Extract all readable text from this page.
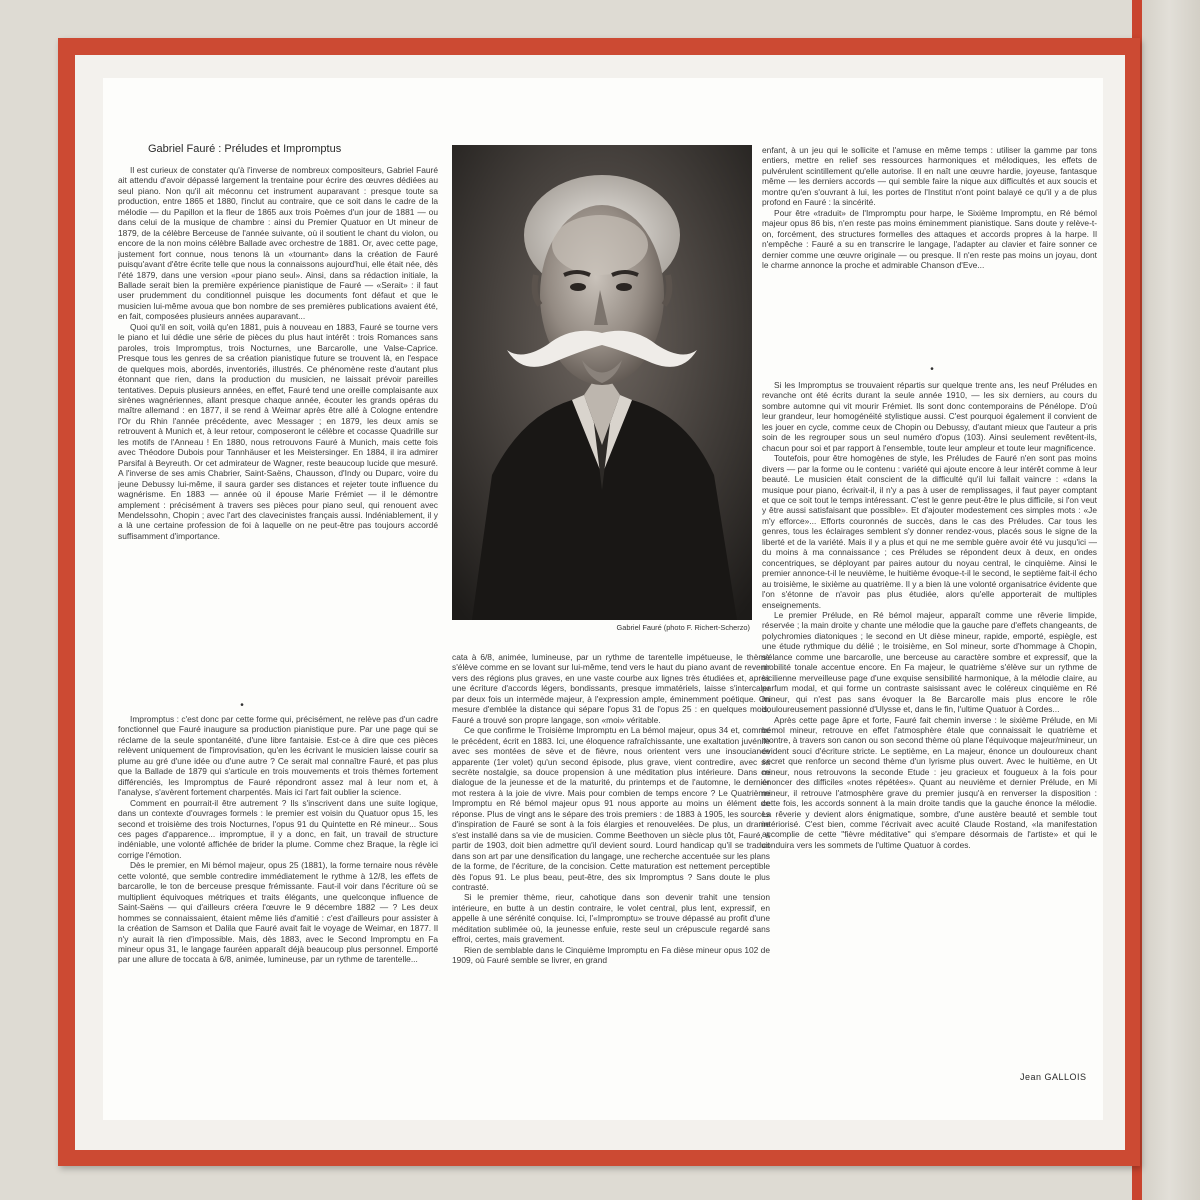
Gabriel Fauré : Préludes et Impromptus

Il est curieux de constater qu'à l'inverse de nombreux compositeurs, Gabriel Fauré ait attendu d'avoir dépassé largement la trentaine pour écrire des œuvres dédiées au seul piano. Non qu'il ait méconnu cet instrument auparavant : presque toute sa production, entre 1865 et 1880, l'inclut au contraire, que ce soit dans le cadre de la mélodie — du Papillon et la fleur de 1865 aux trois Poèmes d'un jour de 1881 — ou dans celui de la musique de chambre : ainsi du Premier Quatuor en Ut mineur de 1879, de la célèbre Berceuse de l'année suivante, où il soutient le chant du violon, ou encore de la non moins célèbre Ballade avec orchestre de 1881. Or, avec cette page, justement fort connue, nous tenons là un «tournant» dans la création de Fauré puisqu'avant d'être écrite telle que nous la connaissons aujourd'hui, elle était née, dès l'été 1879, dans une version «pour piano seul». Ainsi, dans sa rédaction initiale, la Ballade serait bien la première expérience pianistique de Fauré — «Serait» : il faut user prudemment du conditionnel puisque les documents font défaut et que le musicien lui-même avoua que bon nombre de ses premières publications avaient été, en fait, composées plusieurs années auparavant...

Quoi qu'il en soit, voilà qu'en 1881, puis à nouveau en 1883, Fauré se tourne vers le piano et lui dédie une série de pièces du plus haut intérêt : trois Romances sans paroles, trois Impromptus, trois Nocturnes, une Barcarolle, une Valse-Caprice. Presque tous les genres de sa création pianistique future se trouvent là, en l'espace de quelques mois, abordés, inventoriés, illustrés. Ce phénomène reste d'autant plus étonnant que rien, dans la production du musicien, ne laissait prévoir pareilles tentatives. Depuis plusieurs années, en effet, Fauré tend une oreille complaisante aux sirènes wagnériennes, allant presque chaque année, écouter les grands opéras du maître allemand : en 1877, il se rend à Weimar après être allé à Cologne entendre l'Or du Rhin l'année précédente, avec Messager ; en 1879, les deux amis se retrouvent à Munich et, à leur retour, composeront le célèbre et cocasse Quadrille sur les motifs de l'Anneau ! En 1880, nous retrouvons Fauré à Munich, mais cette fois avec Théodore Dubois pour Tannhäuser et les Meistersinger. En 1884, il ira admirer Parsifal à Beyreuth. Or cet admirateur de Wagner, reste beaucoup lucide que mesuré. A l'inverse de ses amis Chabrier, Saint-Saëns, Chausson, d'Indy ou Duparc, voire du jeune Debussy lui-même, il saura garder ses distances et rejeter toute influence du wagnérisme. En 1883 — année où il épouse Marie Frémiet — il le démontre amplement : précisément à travers ses pièces pour piano seul, qui renouent avec Mendelssohn, Chopin ; avec l'art des clavecinistes français aussi. Indéniablement, il y a là une certaine profession de foi à laquelle on ne peut-être pas toujours accordé suffisamment d'importance.

•

Impromptus : c'est donc par cette forme qui, précisément, ne relève pas d'un cadre fonctionnel que Fauré inaugure sa production pianistique pure. Par une page qui se réclame de la seule spontanéité, d'une libre fantaisie. Est-ce à dire que ces pièces relèvent uniquement de l'improvisation, qu'en les écrivant le musicien laisse courir sa plume au gré d'une idée ou d'une autre ? Ce serait mal connaître Fauré, et pas plus que la Ballade de 1879 qui s'articule en trois mouvements et trois thèmes fortement différenciés, les Impromptus de Fauré répondront assez mal à leur nom et, à l'analyse, s'avèrent fortement charpentés. Mais ici l'art fait oublier la science.

Comment en pourrait-il être autrement ? Ils s'inscrivent dans une suite logique, dans un contexte d'ouvrages formels : le premier est voisin du Quatuor opus 15, les second et troisième des trois Nocturnes, l'opus 91 du Quintette en Ré mineur... Sous ces pages d'apparence... impromptue, il y a donc, en fait, un travail de structure indéniable, une volonté affichée de brider la plume. Comme chez Braque, la règle ici corrige l'émotion.

Dès le premier, en Mi bémol majeur, opus 25 (1881), la forme ternaire nous révèle cette volonté, que semble contredire immédiatement le rythme à 12/8, les effets de barcarolle, le ton de berceuse presque frémissante. Faut-il voir dans l'écriture où se multiplient équivoques métriques et traits élégants, une quelconque influence de Saint-Saëns — qui d'ailleurs créera l'œuvre le 9 décembre 1882 — ? Les deux hommes se connaissaient, étaient même liés d'amitié : c'est d'ailleurs pour assister à la création de Samson et Dalila que Fauré avait fait le voyage de Weimar, en 1877. Il n'y aurait là rien d'impossible. Mais, dès 1883, avec le Second Impromptu en Fa mineur opus 31, le langage fauréen apparaît déjà beaucoup plus personnel. Emporté par une allure de toccata à 6/8, animée, lumineuse, par un rythme de tarentelle...

Gabriel Fauré (photo F. Richert-Scherzo)

cata à 6/8, animée, lumineuse, par un rythme de tarentelle impétueuse, le thème s'élève comme en se lovant sur lui-même, tend vers le haut du piano avant de revenir vers des régions plus graves, en une vaste courbe aux lignes très étudiées et, après une écriture d'accords légers, bondissants, presque immatériels, laisse s'intercaler par deux fois un intermède majeur, à l'expression ample, éminemment poétique. On mesure d'emblée la distance qui sépare l'opus 31 de l'opus 25 : en quelques mois, Fauré a trouvé son propre langage, son «moi» véritable.

Ce que confirme le Troisième Impromptu en La bémol majeur, opus 34 et, comme le précédent, écrit en 1883. Ici, une éloquence rafraîchissante, une exaltation juvénile avec ses montées de sève et de fièvre, nous orientent vers une insouciance apparente (1er volet) qu'un second épisode, plus grave, vient contredire, avec sa secrète nostalgie, sa douce propension à une méditation plus intérieure. Dans ce dialogue de la jeunesse et de la maturité, du printemps et de l'automne, le dernier mot restera à la joie de vivre. Mais pour combien de temps encore ? Le Quatrième Impromptu en Ré bémol majeur opus 91 nous apporte au moins un élément de réponse. Plus de vingt ans le sépare des trois premiers : de 1883 à 1905, les sources d'inspiration de Fauré se sont à la fois élargies et renouvelées. De plus, un drame s'est installé dans sa vie de musicien. Comme Beethoven un siècle plus tôt, Fauré, à partir de 1903, doit bien admettre qu'il devient sourd. Lourd handicap qu'il se traduit dans son art par une densification du langage, une recherche accentuée sur les plans de la forme, de l'écriture, de la concision. Cette maturation est nettement perceptible dès l'opus 91. Le plus beau, peut-être, des six Impromptus ? Sans doute le plus contrasté.

Si le premier thème, rieur, cahotique dans son devenir trahit une tension intérieure, en butte à un destin contraire, le volet central, plus lent, expressif, en appelle à une sérénité conquise. Ici, l'«Impromptu» se trouve dépassé au profit d'une méditation sublimée où, la jeunesse enfuie, reste seul un crépuscule regardé sans effroi, certes, mais gravement.

Rien de semblable dans le Cinquième Impromptu en Fa dièse mineur opus 102 de 1909, où Fauré semble se livrer, en grand

enfant, à un jeu qui le sollicite et l'amuse en même temps : utiliser la gamme par tons entiers, mettre en relief ses ressources harmoniques et mélodiques, les effets de pulvérulent scintillement qu'elle autorise. Il en naît une œuvre hardie, joyeuse, fantasque même — les derniers accords — qui semble faire la nique aux difficultés et aux soucis et montre qu'en s'ouvrant à lui, les portes de l'Institut n'ont point balayé ce qu'il y a de plus profond en Fauré : la sincérité.

Pour être «traduit» de l'Impromptu pour harpe, le Sixième Impromptu, en Ré bémol majeur opus 86 bis, n'en reste pas moins éminemment pianistique. Sans doute y relève-t-on, forcément, des structures formelles des attaques et accords propres à la harpe. Il n'empêche : Fauré a su en transcrire le langage, l'adapter au clavier et faire sonner ce dernier comme une œuvre originale — ou presque. Il n'en reste pas moins un joyau, dont le charme annonce la proche et admirable Chanson d'Eve...

•

Si les Impromptus se trouvaient répartis sur quelque trente ans, les neuf Préludes en revanche ont été écrits durant la seule année 1910, — les six derniers, au cours du sombre automne qui vit mourir Frémiet. Ils sont donc contemporains de Pénélope. D'où leur grandeur, leur homogénéité stylistique aussi. C'est pourquoi également il convient de les jouer en cycle, comme ceux de Chopin ou Debussy, d'autant mieux que l'auteur a pris soin de les regrouper sous un seul numéro d'opus (103). Ainsi seulement revêtent-ils, chacun pour soi et par rapport à l'ensemble, toute leur ampleur et toute leur magnificence.

Toutefois, pour être homogènes de style, les Préludes de Fauré n'en sont pas moins divers — par la forme ou le contenu : variété qui ajoute encore à leur intérêt comme à leur beauté. Le musicien était conscient de la difficulté qu'il lui fallait vaincre : «dans la musique pour piano, écrivait-il, il n'y a pas à user de remplissages, il faut payer comptant et que ce soit tout le temps intéressant. C'est le genre peut-être le plus difficile, si l'on veut y être aussi satisfaisant que possible». Et d'ajouter modestement ces simples mots : «Je m'y efforce»... Efforts couronnés de succès, dans le cas des Préludes. Car tous les genres, tous les éclairages semblent s'y donner rendez-vous, placés sous le signe de la liberté et de la variété. Mais il y a plus et qui ne me semble guère avoir été vu jusqu'ici — du moins à ma connaissance ; ces Préludes se répondent deux à deux, en ondes concentriques, se déployant par paires autour du noyau central, le cinquième. Ainsi le premier annonce-t-il le neuvième, le huitième évoque-t-il le second, le septième fait-il écho au troisième, le sixième au quatrième. Il y a bien là une volonté organisatrice évidente que l'on s'étonne de n'avoir pas plus étudiée, alors qu'elle apporterait de multiples enseignements.

Le premier Prélude, en Ré bémol majeur, apparaît comme une rêverie limpide, réservée ; la main droite y chante une mélodie que la gauche pare d'effets changeants, de polychromies diatoniques ; le second en Ut dièse mineur, rapide, emporté, espiègle, est une étude rythmique du délié ; le troisième, en Sol mineur, sorte d'hommage à Chopin, s'élance comme une barcarolle, une berceuse au caractère sombre et expressif, que la mobilité tonale accentue encore. En Fa majeur, le quatrième s'élève sur un rythme de sicilienne merveilleuse page d'une exquise sensibilité harmonique, à la mélodie claire, au parfum modal, et qui forme un contraste saisissant avec le coléreux cinquième en Ré mineur, qui n'est pas sans évoquer la 8e Barcarolle mais plus encore le rôle douloureusement passionné d'Ulysse et, dans le fin, l'ultime Quatuor à Cordes...

Après cette page âpre et forte, Fauré fait chemin inverse : le sixième Prélude, en Mi bémol mineur, retrouve en effet l'atmosphère étale que connaissait le quatrième et montre, à travers son canon ou son second thème où plane l'équivoque majeur/mineur, un évident souci d'écriture stricte. Le septième, en La majeur, énonce un douloureux chant secret que renforce un second thème d'un lyrisme plus ouvert. Avec le huitième, en Ut mineur, nous retrouvons la seconde Etude : jeu gracieux et fougueux à la fois pour énoncer des difficiles «notes répétées». Quant au neuvième et dernier Prélude, en Mi mineur, il retrouve l'atmosphère grave du premier jusqu'à en renverser la disposition : cette fois, les accords sonnent à la main droite tandis que la gauche énonce la mélodie. La rêverie y devient alors énigmatique, sombre, d'une austère beauté et semble tout intériorisé. C'est bien, comme l'écrivait avec acuité Claude Rostand, «la manifestation accomplie de cette "fièvre méditative" qui s'empare désormais de l'artiste» et qui le conduira vers les sommets de l'ultime Quatuor à cordes.

Jean GALLOIS
